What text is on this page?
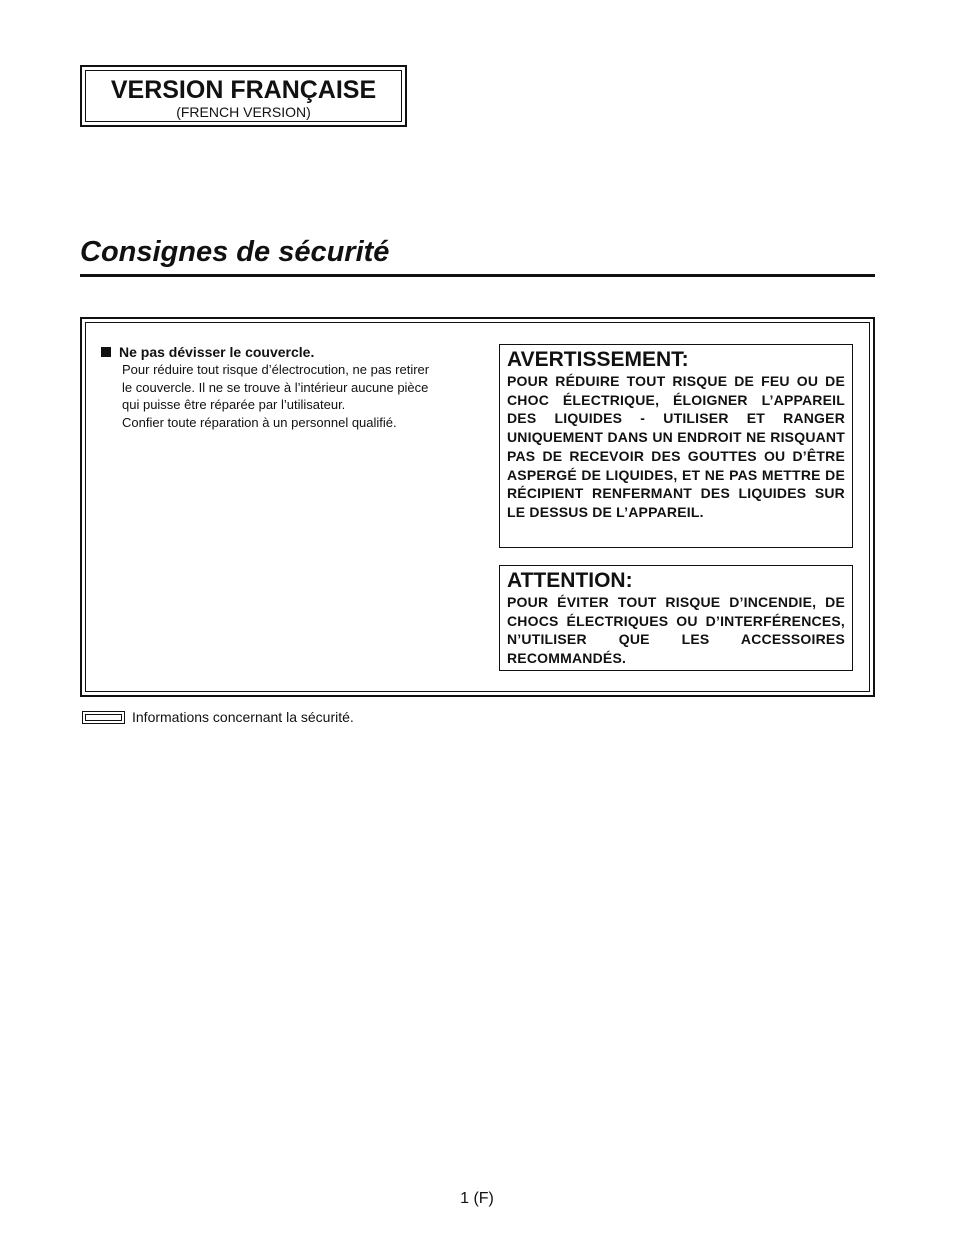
VERSION FRANÇAISE
(FRENCH VERSION)
Consignes de sécurité
Ne pas dévisser le couvercle.

Pour réduire tout risque d’électrocution, ne pas retirer

le couvercle. Il ne se trouve à l’intérieur aucune pièce

qui puisse être réparée par l’utilisateur.

Confier toute réparation à un personnel qualifié.

AVERTISSEMENT:

POUR RÉDUIRE TOUT RISQUE DE FEU OU DE CHOC ÉLECTRIQUE, ÉLOIGNER L’APPAREIL DES LIQUIDES - UTILISER ET RANGER UNIQUEMENT DANS UN ENDROIT NE RISQUANT PAS DE RECEVOIR DES GOUTTES OU D’ÊTRE ASPERGÉ DE LIQUIDES, ET NE PAS METTRE DE RÉCIPIENT RENFERMANT DES LIQUIDES SUR LE DESSUS DE L’APPAREIL.

ATTENTION:

POUR ÉVITER TOUT RISQUE D’INCENDIE, DE CHOCS ÉLECTRIQUES OU D’INTERFÉRENCES, N’UTILISER QUE LES ACCESSOIRES RECOMMANDÉS.

Informations concernant la sécurité.
1 (F)
